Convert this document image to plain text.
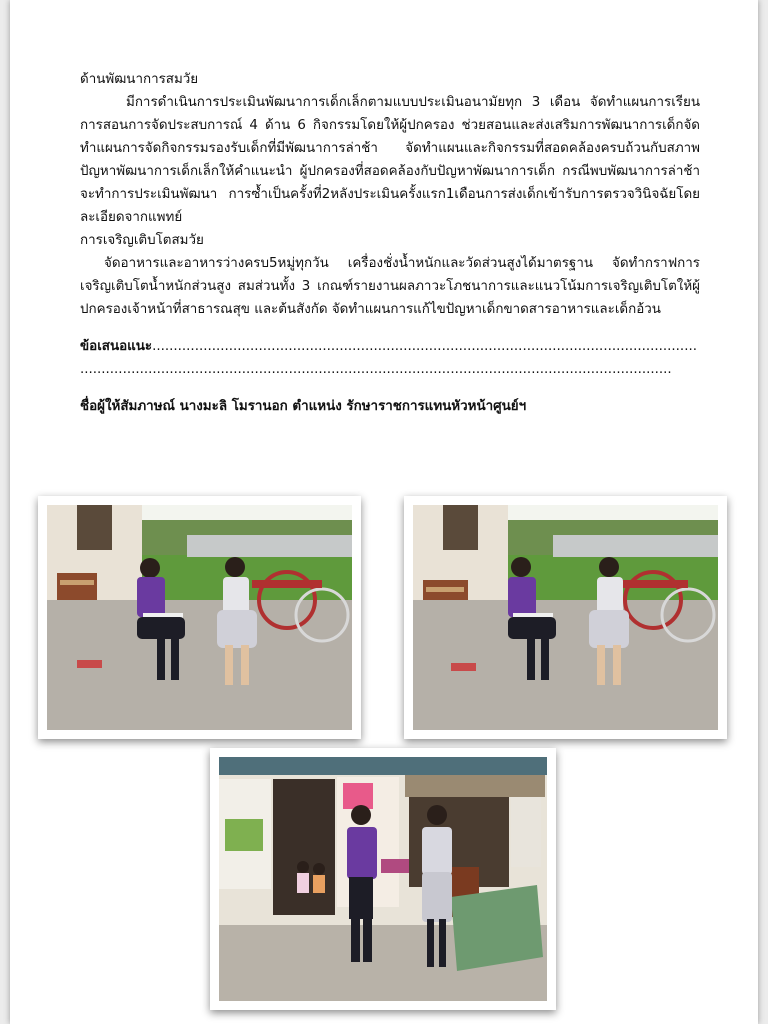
ด้านพัฒนาการสมวัย

มีการดำเนินการประเมินพัฒนาการเด็กเล็กตามแบบประเมินอนามัยทุก 3 เดือน จัดทำแผนการเรียนการสอนการจัดประสบการณ์ 4 ด้าน 6 กิจกรรมโดยให้ผู้ปกครอง ช่วยสอนและส่งเสริมการพัฒนาการเด็กจัดทำแผนการจัดกิจกรรมรองรับเด็กที่มีพัฒนาการล่าช้า จัดทำแผนและกิจกรรมที่สอดคล้องครบถ้วนกับสภาพปัญหาพัฒนาการเด็กเล็กให้คำแนะนำ ผู้ปกครองที่สอดคล้องกับปัญหาพัฒนาการเด็ก กรณีพบพัฒนาการล่าช้าจะทำการประเมินพัฒนา การซ้ำเป็นครั้งที่2หลังประเมินครั้งแรก1เดือนการส่งเด็กเข้ารับการตรวจวินิจฉัยโดยละเอียดจากแพทย์

การเจริญเติบโตสมวัย

จัดอาหารและอาหารว่างครบ5หมู่ทุกวัน เครื่องชั่งน้ำหนักและวัดส่วนสูงได้มาตรฐาน จัดทำกราฟการเจริญเติบโตน้ำหนักส่วนสูง สมส่วนทั้ง 3 เกณฑ์รายงานผลภาวะโภชนาการและแนวโน้มการเจริญเติบโตให้ผู้ปกครองเจ้าหน้าที่สาธารณสุข และต้นสังกัด จัดทำแผนการแก้ไขปัญหาเด็กขาดสารอาหารและเด็กอ้วน

ข้อเสนอแนะ................................................................................................................................

...........................................................................................................................................

ชื่อผู้ให้สัมภาษณ์ นางมะลิ โมรานอก ตำแหน่ง รักษาราชการแทนหัวหน้าศูนย์ฯ
